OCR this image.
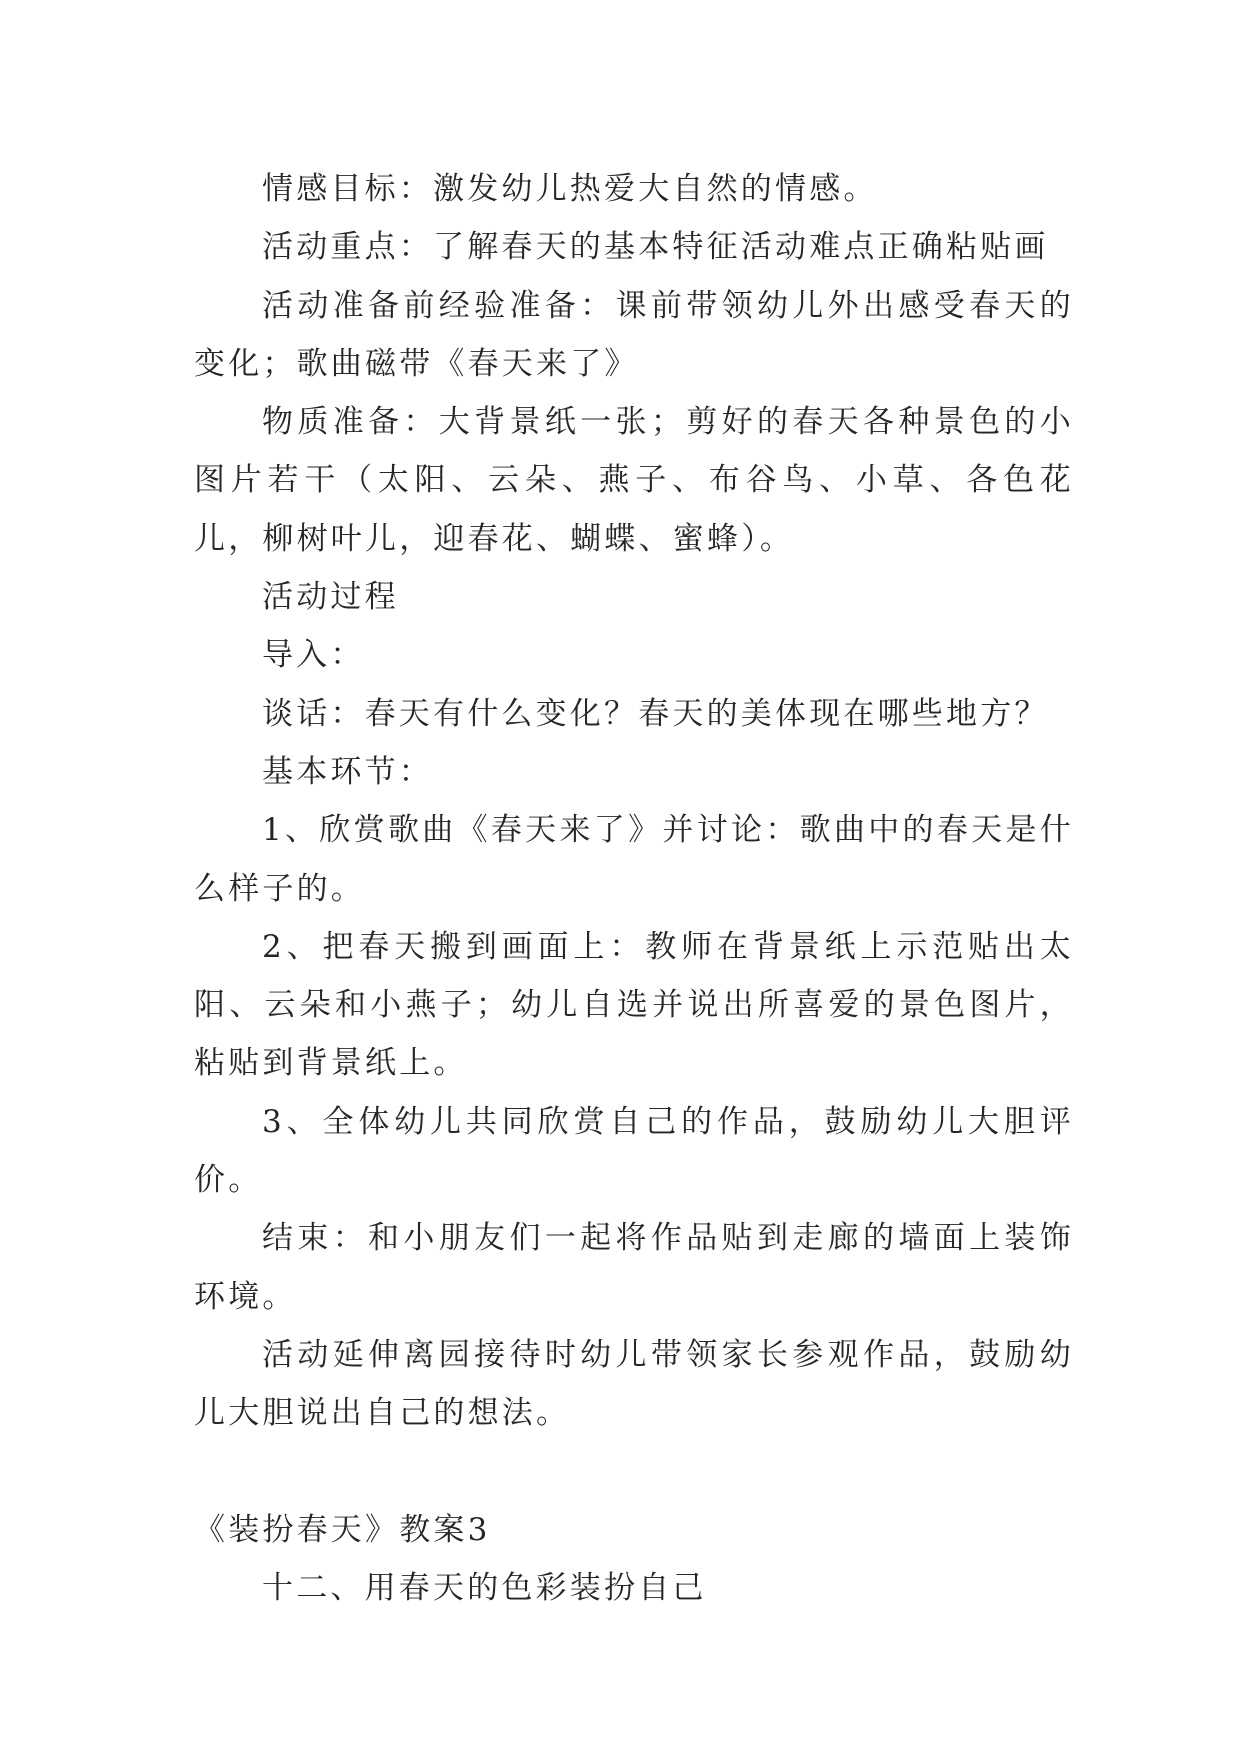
情感目标：激发幼儿热爱大自然的情感。

活动重点：了解春天的基本特征活动难点正确粘贴画

活动准备前经验准备：课前带领幼儿外出感受春天的变化；歌曲磁带《春天来了》

物质准备：大背景纸一张；剪好的春天各种景色的小图片若干（太阳、云朵、燕子、布谷鸟、小草、各色花儿，柳树叶儿，迎春花、蝴蝶、蜜蜂）。

活动过程

导入：

谈话：春天有什么变化？春天的美体现在哪些地方？

基本环节：

1、欣赏歌曲《春天来了》并讨论：歌曲中的春天是什么样子的。

2、把春天搬到画面上：教师在背景纸上示范贴出太阳、云朵和小燕子；幼儿自选并说出所喜爱的景色图片，粘贴到背景纸上。

3、全体幼儿共同欣赏自己的作品，鼓励幼儿大胆评价。

结束：和小朋友们一起将作品贴到走廊的墙面上装饰环境。

活动延伸离园接待时幼儿带领家长参观作品，鼓励幼儿大胆说出自己的想法。

《装扮春天》教案3

十二、用春天的色彩装扮自己
